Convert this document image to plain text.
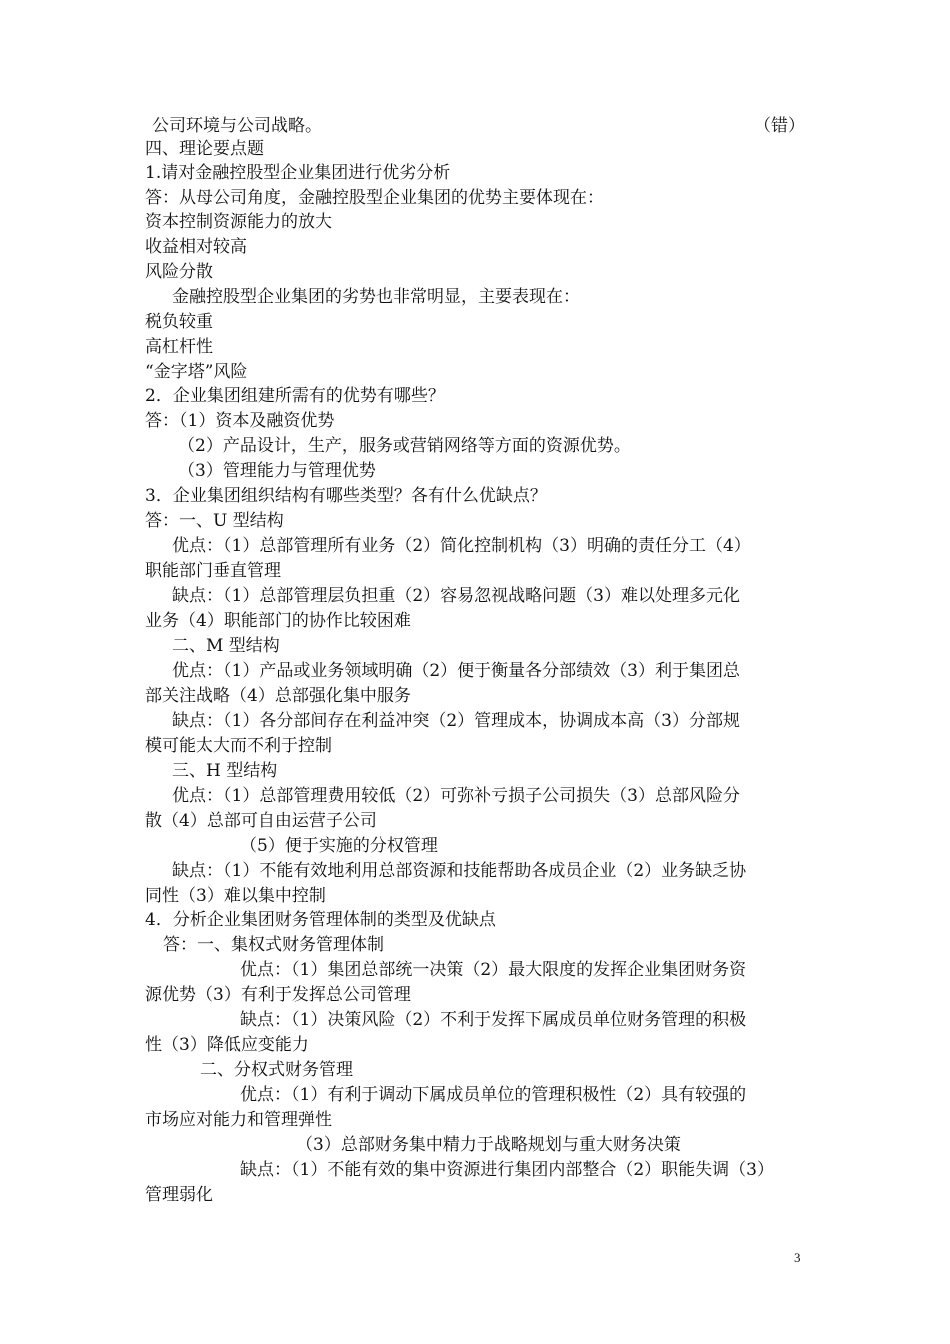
公司环境与公司战略。	（错）
四、理论要点题
1.请对金融控股型企业集团进行优劣分析
答：从母公司角度，金融控股型企业集团的优势主要体现在：
资本控制资源能力的放大
收益相对较高
风险分散
金融控股型企业集团的劣势也非常明显，主要表现在：
税负较重
高杠杆性
“金字塔”风险
2．企业集团组建所需有的优势有哪些？
答：（1）资本及融资优势
（2）产品设计，生产，服务或营销网络等方面的资源优势。
（3）管理能力与管理优势
3．企业集团组织结构有哪些类型？各有什么优缺点？
答：一、U 型结构
优点：（1）总部管理所有业务（2）简化控制机构（3）明确的责任分工（4）
职能部门垂直管理
缺点：（1）总部管理层负担重（2）容易忽视战略问题（3）难以处理多元化
业务（4）职能部门的协作比较困难
二、M 型结构
优点：（1）产品或业务领域明确（2）便于衡量各分部绩效（3）利于集团总
部关注战略（4）总部强化集中服务
缺点：（1）各分部间存在利益冲突（2）管理成本，协调成本高（3）分部规
模可能太大而不利于控制
三、H 型结构
优点：（1）总部管理费用较低（2）可弥补亏损子公司损失（3）总部风险分
散（4）总部可自由运营子公司
（5）便于实施的分权管理
缺点：（1）不能有效地利用总部资源和技能帮助各成员企业（2）业务缺乏协
同性（3）难以集中控制
4．分析企业集团财务管理体制的类型及优缺点
答：一、集权式财务管理体制
优点：（1）集团总部统一决策（2）最大限度的发挥企业集团财务资
源优势（3）有利于发挥总公司管理
缺点：（1）决策风险（2）不利于发挥下属成员单位财务管理的积极
性（3）降低应变能力
二、分权式财务管理
优点：（1）有利于调动下属成员单位的管理积极性（2）具有较强的
市场应对能力和管理弹性
（3）总部财务集中精力于战略规划与重大财务决策
缺点：（1）不能有效的集中资源进行集团内部整合（2）职能失调（3）
管理弱化
3
